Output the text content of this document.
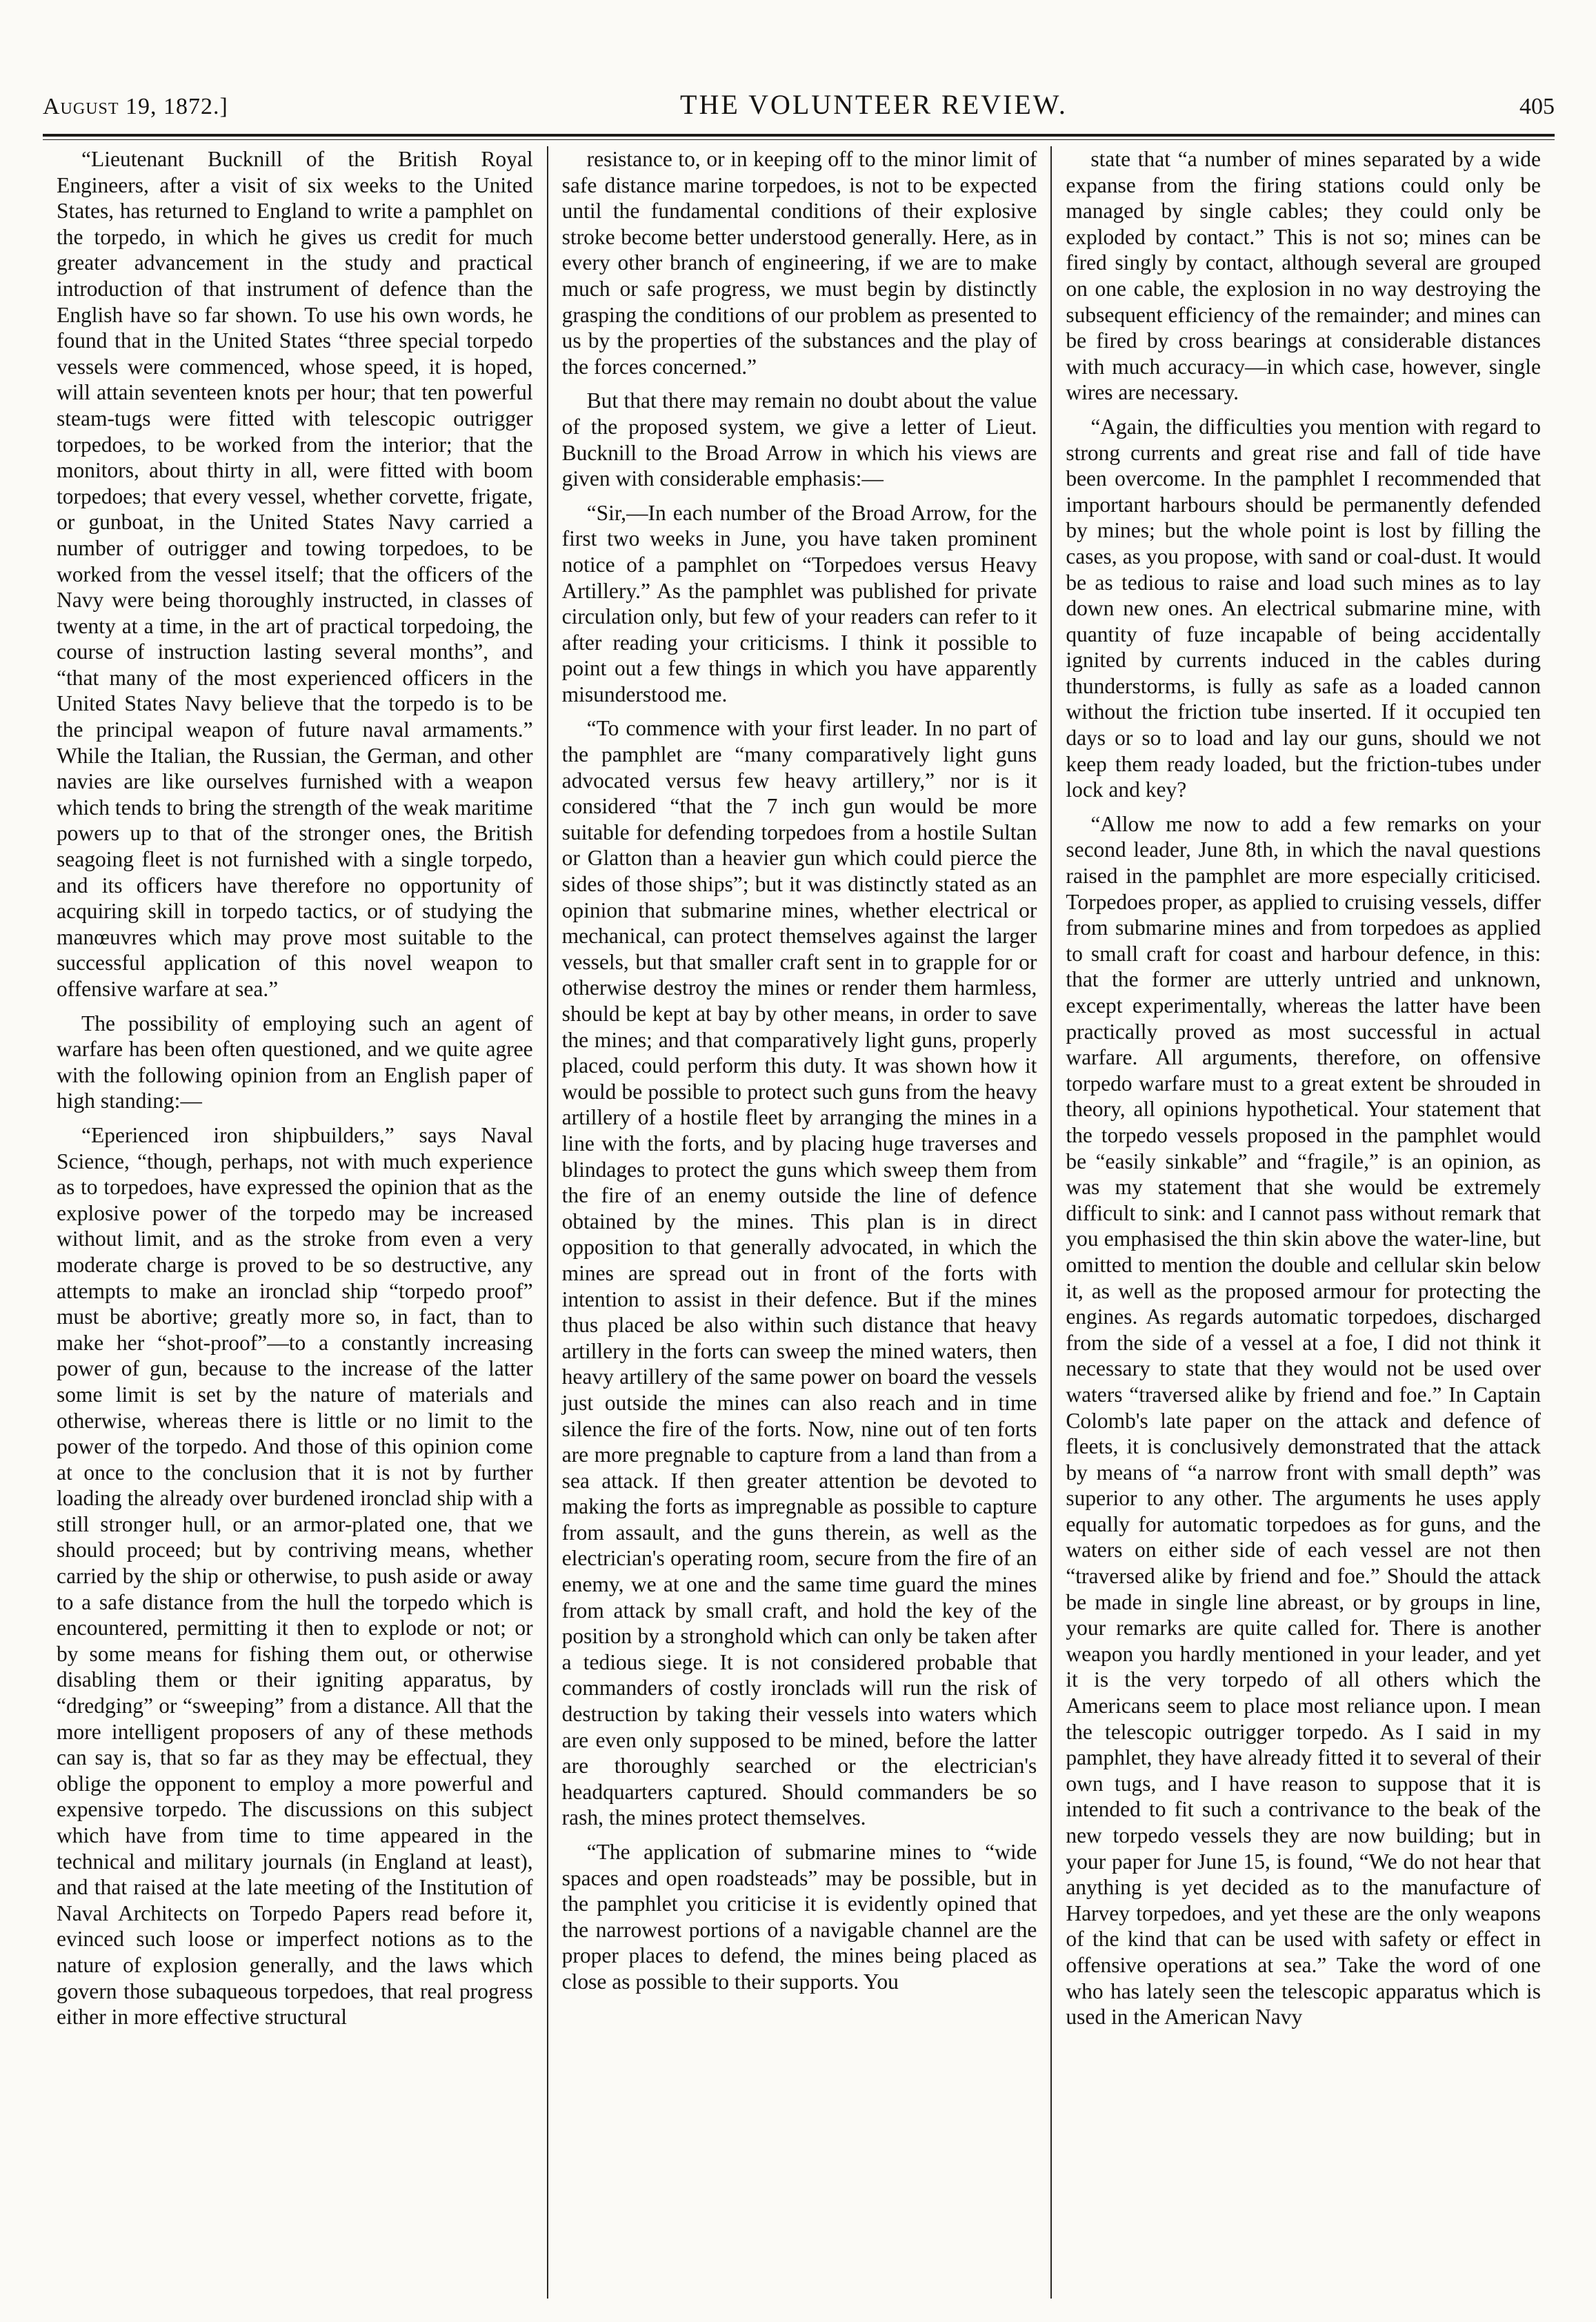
August 19, 1872.]	THE VOLUNTEER REVIEW.	405

“Lieutenant Bucknill of the British Royal Engineers, after a visit of six weeks to the United States, has returned to England to write a pamphlet on the torpedo, in which he gives us credit for much greater advancement in the study and practical introduction of that instrument of defence than the English have so far shown. To use his own words, he found that in the United States “three special torpedo vessels were commenced, whose speed, it is hoped, will attain seventeen knots per hour; that ten powerful steam-tugs were fitted with telescopic outrigger torpedoes, to be worked from the interior; that the monitors, about thirty in all, were fitted with boom torpedoes; that every vessel, whether corvette, frigate, or gunboat, in the United States Navy carried a number of outrigger and towing torpedoes, to be worked from the vessel itself; that the officers of the Navy were being thoroughly instructed, in classes of twenty at a time, in the art of practical torpedoing, the course of instruction lasting several months”, and “that many of the most experienced officers in the United States Navy believe that the torpedo is to be the principal weapon of future naval armaments.” While the Italian, the Russian, the German, and other navies are like ourselves furnished with a weapon which tends to bring the strength of the weak maritime powers up to that of the stronger ones, the British seagoing fleet is not furnished with a single torpedo, and its officers have therefore no opportunity of acquiring skill in torpedo tactics, or of studying the manœuvres which may prove most suitable to the successful application of this novel weapon to offensive warfare at sea.”

The possibility of employing such an agent of warfare has been often questioned, and we quite agree with the following opinion from an English paper of high standing:—

“Eperienced iron shipbuilders,” says Naval Science, “though, perhaps, not with much experience as to torpedoes, have expressed the opinion that as the explosive power of the torpedo may be increased without limit, and as the stroke from even a very moderate charge is proved to be so destructive, any attempts to make an ironclad ship “torpedo proof” must be abortive; greatly more so, in fact, than to make her “shot-proof”—to a constantly increasing power of gun, because to the increase of the latter some limit is set by the nature of materials and otherwise, whereas there is little or no limit to the power of the torpedo. And those of this opinion come at once to the conclusion that it is not by further loading the already over burdened ironclad ship with a still stronger hull, or an armor-plated one, that we should proceed; but by contriving means, whether carried by the ship or otherwise, to push aside or away to a safe distance from the hull the torpedo which is encountered, permitting it then to explode or not; or by some means for fishing them out, or otherwise disabling them or their igniting apparatus, by “dredging” or “sweeping” from a distance. All that the more intelligent proposers of any of these methods can say is, that so far as they may be effectual, they oblige the opponent to employ a more powerful and expensive torpedo. The discussions on this subject which have from time to time appeared in the technical and military journals (in England at least), and that raised at the late meeting of the Institution of Naval Architects on Torpedo Papers read before it, evinced such loose or imperfect notions as to the nature of explosion generally, and the laws which govern those subaqueous torpedoes, that real progress either in more effective structural

resistance to, or in keeping off to the minor limit of safe distance marine torpedoes, is not to be expected until the fundamental conditions of their explosive stroke become better understood generally. Here, as in every other branch of engineering, if we are to make much or safe progress, we must begin by distinctly grasping the conditions of our problem as presented to us by the properties of the substances and the play of the forces concerned.”

But that there may remain no doubt about the value of the proposed system, we give a letter of Lieut. Bucknill to the Broad Arrow in which his views are given with considerable emphasis:—

“Sir,—In each number of the Broad Arrow, for the first two weeks in June, you have taken prominent notice of a pamphlet on “Torpedoes versus Heavy Artillery.” As the pamphlet was published for private circulation only, but few of your readers can refer to it after reading your criticisms. I think it possible to point out a few things in which you have apparently misunderstood me.

“To commence with your first leader. In no part of the pamphlet are “many comparatively light guns advocated versus few heavy artillery,” nor is it considered “that the 7 inch gun would be more suitable for defending torpedoes from a hostile Sultan or Glatton than a heavier gun which could pierce the sides of those ships”; but it was distinctly stated as an opinion that submarine mines, whether electrical or mechanical, can protect themselves against the larger vessels, but that smaller craft sent in to grapple for or otherwise destroy the mines or render them harmless, should be kept at bay by other means, in order to save the mines; and that comparatively light guns, properly placed, could perform this duty. It was shown how it would be possible to protect such guns from the heavy artillery of a hostile fleet by arranging the mines in a line with the forts, and by placing huge traverses and blindages to protect the guns which sweep them from the fire of an enemy outside the line of defence obtained by the mines. This plan is in direct opposition to that generally advocated, in which the mines are spread out in front of the forts with intention to assist in their defence. But if the mines thus placed be also within such distance that heavy artillery in the forts can sweep the mined waters, then heavy artillery of the same power on board the vessels just outside the mines can also reach and in time silence the fire of the forts. Now, nine out of ten forts are more pregnable to capture from a land than from a sea attack. If then greater attention be devoted to making the forts as impregnable as possible to capture from assault, and the guns therein, as well as the electrician's operating room, secure from the fire of an enemy, we at one and the same time guard the mines from attack by small craft, and hold the key of the position by a stronghold which can only be taken after a tedious siege. It is not considered probable that commanders of costly ironclads will run the risk of destruction by taking their vessels into waters which are even only supposed to be mined, before the latter are thoroughly searched or the electrician's headquarters captured. Should commanders be so rash, the mines protect themselves.

“The application of submarine mines to “wide spaces and open roadsteads” may be possible, but in the pamphlet you criticise it is evidently opined that the narrowest portions of a navigable channel are the proper places to defend, the mines being placed as close as possible to their supports. You

state that “a number of mines separated by a wide expanse from the firing stations could only be managed by single cables; they could only be exploded by contact.” This is not so; mines can be fired singly by contact, although several are grouped on one cable, the explosion in no way destroying the subsequent efficiency of the remainder; and mines can be fired by cross bearings at considerable distances with much accuracy—in which case, however, single wires are necessary.

“Again, the difficulties you mention with regard to strong currents and great rise and fall of tide have been overcome. In the pamphlet I recommended that important harbours should be permanently defended by mines; but the whole point is lost by filling the cases, as you propose, with sand or coal-dust. It would be as tedious to raise and load such mines as to lay down new ones. An electrical submarine mine, with quantity of fuze incapable of being accidentally ignited by currents induced in the cables during thunderstorms, is fully as safe as a loaded cannon without the friction tube inserted. If it occupied ten days or so to load and lay our guns, should we not keep them ready loaded, but the friction-tubes under lock and key?

“Allow me now to add a few remarks on your second leader, June 8th, in which the naval questions raised in the pamphlet are more especially criticised. Torpedoes proper, as applied to cruising vessels, differ from submarine mines and from torpedoes as applied to small craft for coast and harbour defence, in this: that the former are utterly untried and unknown, except experimentally, whereas the latter have been practically proved as most successful in actual warfare. All arguments, therefore, on offensive torpedo warfare must to a great extent be shrouded in theory, all opinions hypothetical. Your statement that the torpedo vessels proposed in the pamphlet would be “easily sinkable” and “fragile,” is an opinion, as was my statement that she would be extremely difficult to sink: and I cannot pass without remark that you emphasised the thin skin above the water-line, but omitted to mention the double and cellular skin below it, as well as the proposed armour for protecting the engines. As regards automatic torpedoes, discharged from the side of a vessel at a foe, I did not think it necessary to state that they would not be used over waters “traversed alike by friend and foe.” In Captain Colomb's late paper on the attack and defence of fleets, it is conclusively demonstrated that the attack by means of “a narrow front with small depth” was superior to any other. The arguments he uses apply equally for automatic torpedoes as for guns, and the waters on either side of each vessel are not then “traversed alike by friend and foe.” Should the attack be made in single line abreast, or by groups in line, your remarks are quite called for. There is another weapon you hardly mentioned in your leader, and yet it is the very torpedo of all others which the Americans seem to place most reliance upon. I mean the telescopic outrigger torpedo. As I said in my pamphlet, they have already fitted it to several of their own tugs, and I have reason to suppose that it is intended to fit such a contrivance to the beak of the new torpedo vessels they are now building; but in your paper for June 15, is found, “We do not hear that anything is yet decided as to the manufacture of Harvey torpedoes, and yet these are the only weapons of the kind that can be used with safety or effect in offensive operations at sea.” Take the word of one who has lately seen the telescopic apparatus which is used in the American Navy
